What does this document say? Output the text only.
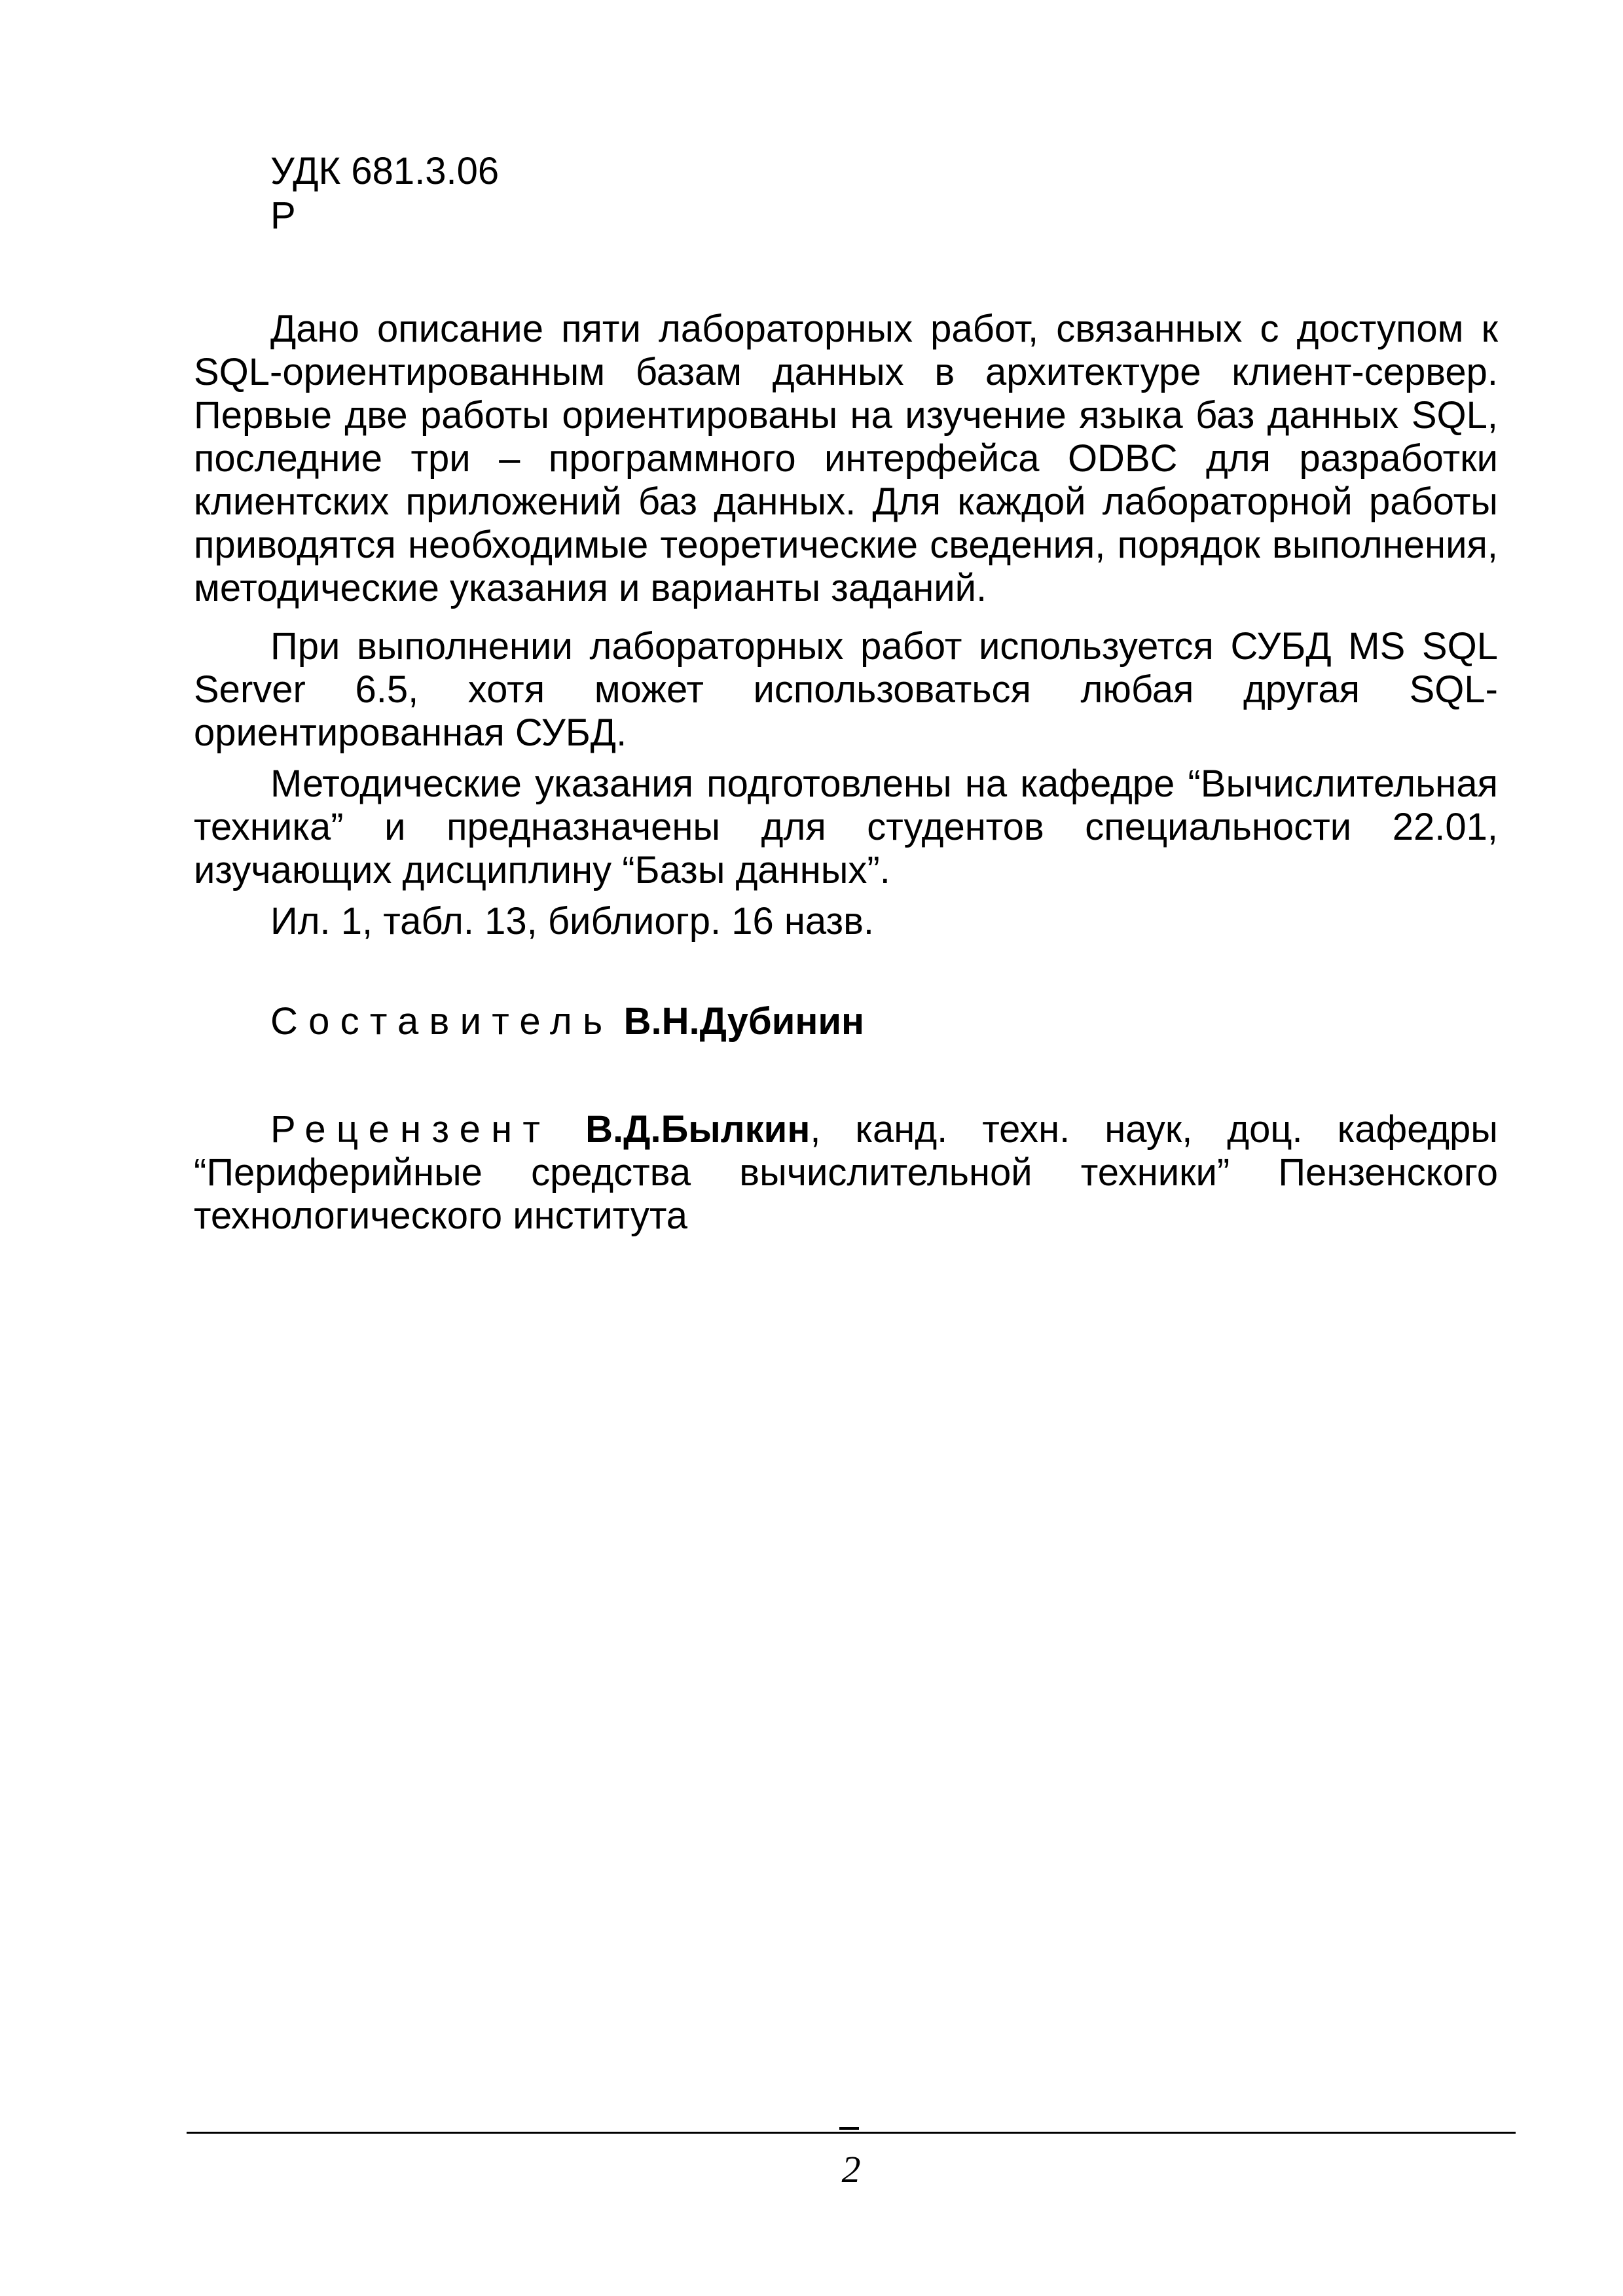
УДК 681.3.06
Р

Дано описание пяти лабораторных работ, связанных с доступом к SQL-ориентированным базам данных в архитектуре клиент-сервер. Первые две работы ориентированы на изучение языка баз данных SQL, последние три – программного интерфейса ODBC для разработки клиентских приложений баз данных. Для каждой лабораторной работы приводятся необходимые теоретические сведения, порядок выполнения, методические указания и варианты заданий.

При выполнении лабораторных работ используется СУБД MS SQL Server 6.5, хотя может использоваться любая другая SQL-ориентированная СУБД.

Методические указания подготовлены на кафедре “Вычислительная техника” и предназначены для студентов специальности 22.01, изучающих дисциплину “Базы данных”.

Ил. 1, табл. 13, библиогр. 16 назв.

Составитель В.Н.Дубинин

Рецензент В.Д.Былкин, канд. техн. наук, доц. кафедры “Периферийные средства вычислительной техники” Пензенского технологического института

2
